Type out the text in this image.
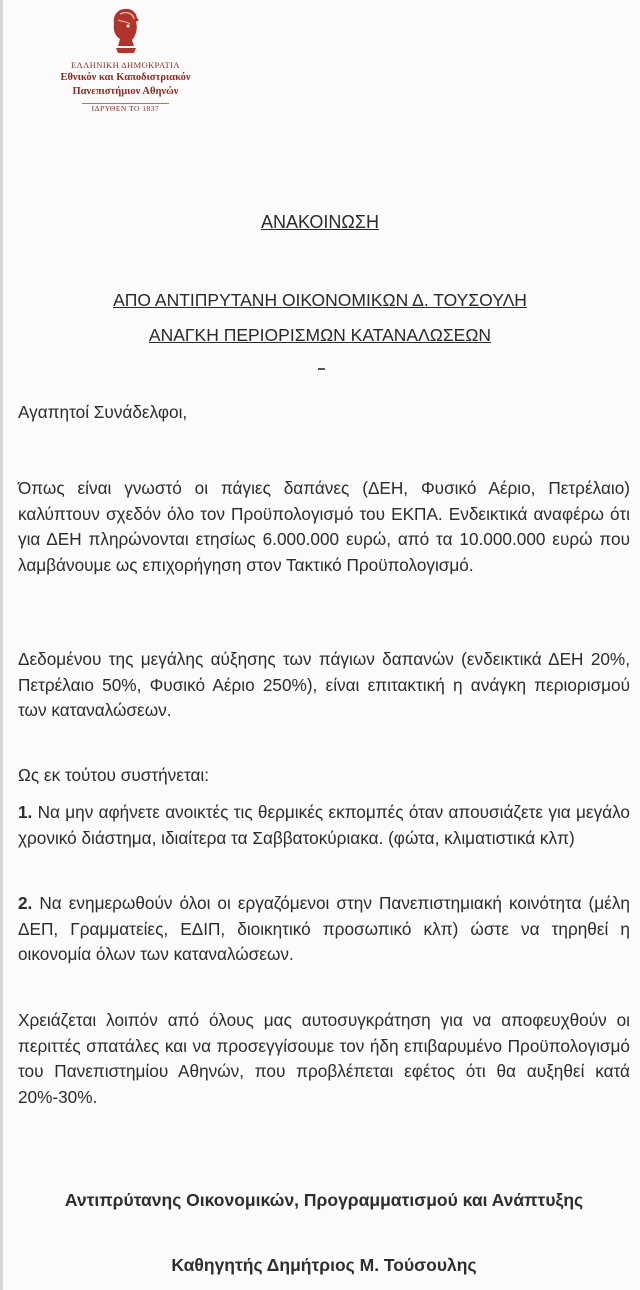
ΕΛΛΗΝΙΚΗ ΔΗΜΟΚΡΑΤΙΑ
Εθνικόν και Καποδιστριακόν
Πανεπιστήμιον Αθηνών
ΙΔΡΥΘΕΝ ΤΟ 1837
ΑΝΑΚΟΙΝΩΣΗ
ΑΠΟ ΑΝΤΙΠΡΥΤΑΝΗ ΟΙΚΟΝΟΜΙΚΩΝ Δ. ΤΟΥΣΟΥΛΗ
ΑΝΑΓΚΗ ΠΕΡΙΟΡΙΣΜΩΝ ΚΑΤΑΝΑΛΩΣΕΩΝ

Αγαπητοί Συνάδελφοι,

Όπως είναι γνωστό οι πάγιες δαπάνες (ΔΕΗ, Φυσικό Αέριο, Πετρέλαιο) καλύπτουν σχεδόν όλο τον Προϋπολογισμό του ΕΚΠΑ. Ενδεικτικά αναφέρω ότι για ΔΕΗ πληρώνονται ετησίως 6.000.000 ευρώ, από τα 10.000.000 ευρώ που λαμβάνουμε ως επιχορήγηση στον Τακτικό Προϋπολογισμό.

Δεδομένου της μεγάλης αύξησης των πάγιων δαπανών (ενδεικτικά ΔΕΗ 20%, Πετρέλαιο 50%, Φυσικό Αέριο 250%), είναι επιτακτική η ανάγκη περιορισμού των καταναλώσεων.

Ως εκ τούτου συστήνεται:

1. Να μην αφήνετε ανοικτές τις θερμικές εκπομπές όταν απουσιάζετε για μεγάλο χρονικό διάστημα, ιδιαίτερα τα Σαββατοκύριακα. (φώτα, κλιματιστικά κλπ)

2. Να ενημερωθούν όλοι οι εργαζόμενοι στην Πανεπιστημιακή κοινότητα (μέλη ΔΕΠ, Γραμματείες, ΕΔΙΠ, διοικητικό προσωπικό κλπ) ώστε να τηρηθεί η οικονομία όλων των καταναλώσεων.

Χρειάζεται λοιπόν από όλους μας αυτοσυγκράτηση για να αποφευχθούν οι περιττές σπατάλες και να προσεγγίσουμε τον ήδη επιβαρυμένο Προϋπολογισμό του Πανεπιστημίου Αθηνών, που προβλέπεται εφέτος ότι θα αυξηθεί κατά 20%-30%.

Αντιπρύτανης Οικονομικών, Προγραμματισμού και Ανάπτυξης
Καθηγητής Δημήτριος Μ. Τούσουλης
